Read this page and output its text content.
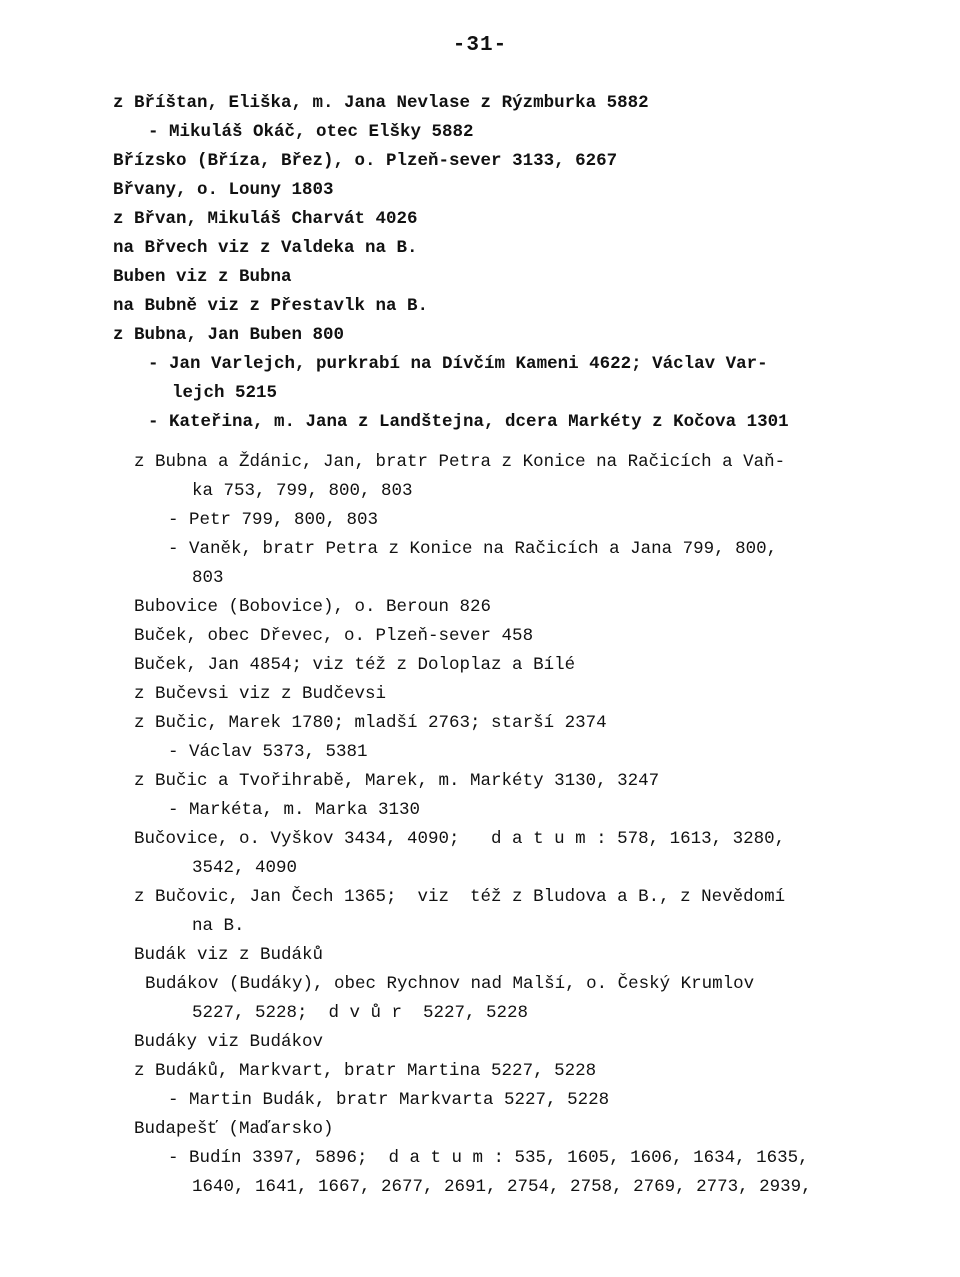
-31-
z Bříštan, Eliška, m. Jana Nevlase z Rýzmburka 5882
- Mikuláš Okáč, otec Elšky 5882
Břízsko (Bříza, Břez), o. Plzeň-sever 3133, 6267
Břvany, o. Louny 1803
z Břvan, Mikuláš Charvát 4026
na Břvech viz z Valdeka na B.
Buben viz z Bubna
na Bubně viz z Přestavlk na B.
z Bubna, Jan Buben 800
- Jan Varlejch, purkrabí na Dívčím Kameni 4622; Václav Var-
lejch 5215
- Kateřina, m. Jana z Landštejna, dcera Markéty z Kočova 1301
z Bubna a Ždánic, Jan, bratr Petra z Konice na Račicích a Vaň-
ka 753, 799, 800, 803
- Petr 799, 800, 803
- Vaněk, bratr Petra z Konice na Račicích a Jana 799, 800,
803
Bubovice (Bobovice), o. Beroun 826
Buček, obec Dřevec, o. Plzeň-sever 458
Buček, Jan 4854; viz též z Doloplaz a Bílé
z Bučevsi viz z Budčevsi
z Bučic, Marek 1780; mladší 2763; starší 2374
- Václav 5373, 5381
z Bučic a Tvořihrabě, Marek, m. Markéty 3130, 3247
- Markéta, m. Marka 3130
Bučovice, o. Vyškov 3434, 4090;   d a t u m : 578, 1613, 3280,
3542, 4090
z Bučovic, Jan Čech 1365;  viz  též z Bludova a B., z Nevědomí
na B.
Budák viz z Budáků
Budákov (Budáky), obec Rychnov nad Malší, o. Český Krumlov
5227, 5228;  d v ů r  5227, 5228
Budáky viz Budákov
z Budáků, Markvart, bratr Martina 5227, 5228
- Martin Budák, bratr Markvarta 5227, 5228
Budapešť (Maďarsko)
- Budín 3397, 5896;  d a t u m : 535, 1605, 1606, 1634, 1635,
1640, 1641, 1667, 2677, 2691, 2754, 2758, 2769, 2773, 2939,
